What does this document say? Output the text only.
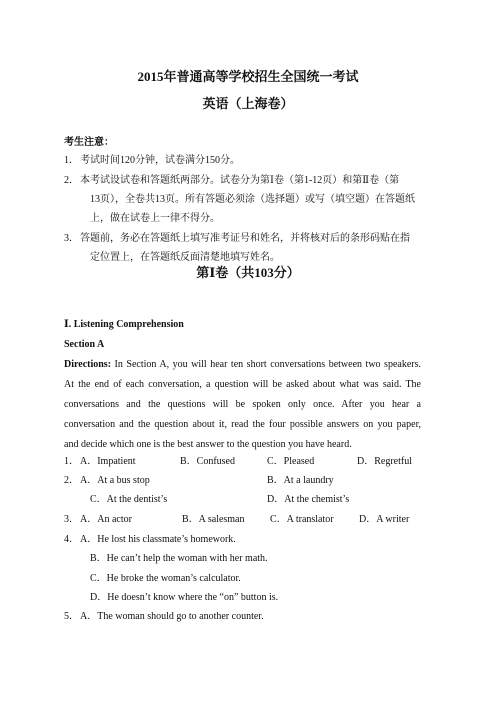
2015年普通高等学校招生全国统一考试
英语（上海卷）
考生注意：
1． 考试时间120分钟，试卷满分150分。
2． 本考试设试卷和答题纸两部分。试卷分为第Ⅰ卷（第1-12页）和第Ⅱ卷（第
13页），全卷共13页。所有答题必须涂（选择题）或写（填空题）在答题纸
上，做在试卷上一律不得分。
3． 答题前，务必在答题纸上填写准考证号和姓名，并将核对后的条形码贴在指
定位置上，在答题纸反面清楚地填写姓名。
第Ⅰ卷（共103分）
Ⅰ. Listening Comprehension
Section A
Directions: In Section A, you will hear ten short conversations between two speakers.
At the end of each conversation, a question will be asked about what was said. The
conversations and the questions will be spoken only once. After you hear a
conversation and the question about it, read the four possible answers on you paper,
and decide which one is the best answer to the question you have heard.
1． A．Impatient	B．Confused	C．Pleased	D．Regretful
2． A．At a bus stop	B．At a laundry
C．At the dentist’s	D．At the chemist’s
3． A．An actor	B．A salesman	C．A translator	D．A writer
4． A．He lost his classmate’s homework.
B．He can’t help the woman with her math.
C．He broke the woman’s calculator.
D．He doesn’t know where the “on” button is.
5． A．The woman should go to another counter.
